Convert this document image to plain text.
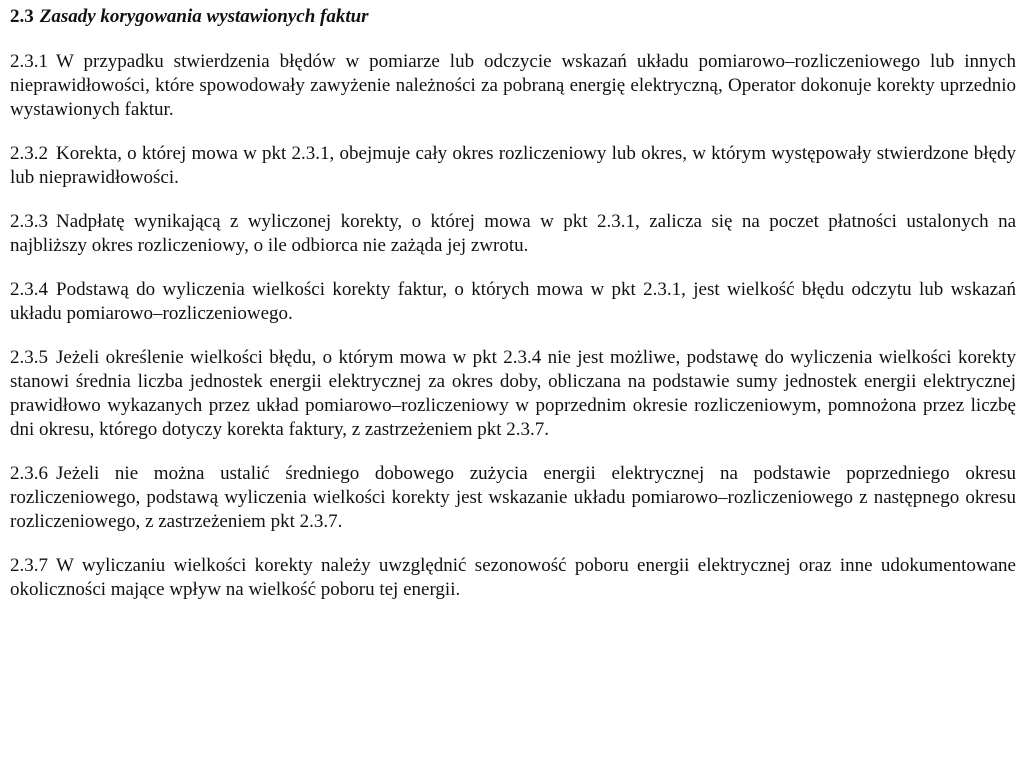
2.3 Zasady korygowania wystawionych faktur

2.3.1 W przypadku stwierdzenia błędów w pomiarze lub odczycie wskazań układu pomiarowo–rozliczeniowego lub innych nieprawidłowości, które spowodowały zawyżenie należności za pobraną energię elektryczną, Operator dokonuje korekty uprzednio wystawionych faktur.

2.3.2 Korekta, o której mowa w pkt 2.3.1, obejmuje cały okres rozliczeniowy lub okres, w którym występowały stwierdzone błędy lub nieprawidłowości.

2.3.3 Nadpłatę wynikającą z wyliczonej korekty, o której mowa w pkt 2.3.1, zalicza się na poczet płatności ustalonych na najbliższy okres rozliczeniowy, o ile odbiorca nie zażąda jej zwrotu.

2.3.4 Podstawą do wyliczenia wielkości korekty faktur, o których mowa w pkt 2.3.1, jest wielkość błędu odczytu lub wskazań układu pomiarowo–rozliczeniowego.

2.3.5 Jeżeli określenie wielkości błędu, o którym mowa w pkt 2.3.4 nie jest możliwe, podstawę do wyliczenia wielkości korekty stanowi średnia liczba jednostek energii elektrycznej za okres doby, obliczana na podstawie sumy jednostek energii elektrycznej prawidłowo wykazanych przez układ pomiarowo–rozliczeniowy w poprzednim okresie rozliczeniowym, pomnożona przez liczbę dni okresu, którego dotyczy korekta faktury, z zastrzeżeniem pkt 2.3.7.

2.3.6 Jeżeli nie można ustalić średniego dobowego zużycia energii elektrycznej na podstawie poprzedniego okresu rozliczeniowego, podstawą wyliczenia wielkości korekty jest wskazanie układu pomiarowo–rozliczeniowego z następnego okresu rozliczeniowego, z zastrzeżeniem pkt 2.3.7.

2.3.7 W wyliczaniu wielkości korekty należy uwzględnić sezonowość poboru energii elektrycznej oraz inne udokumentowane okoliczności mające wpływ na wielkość poboru tej energii.
